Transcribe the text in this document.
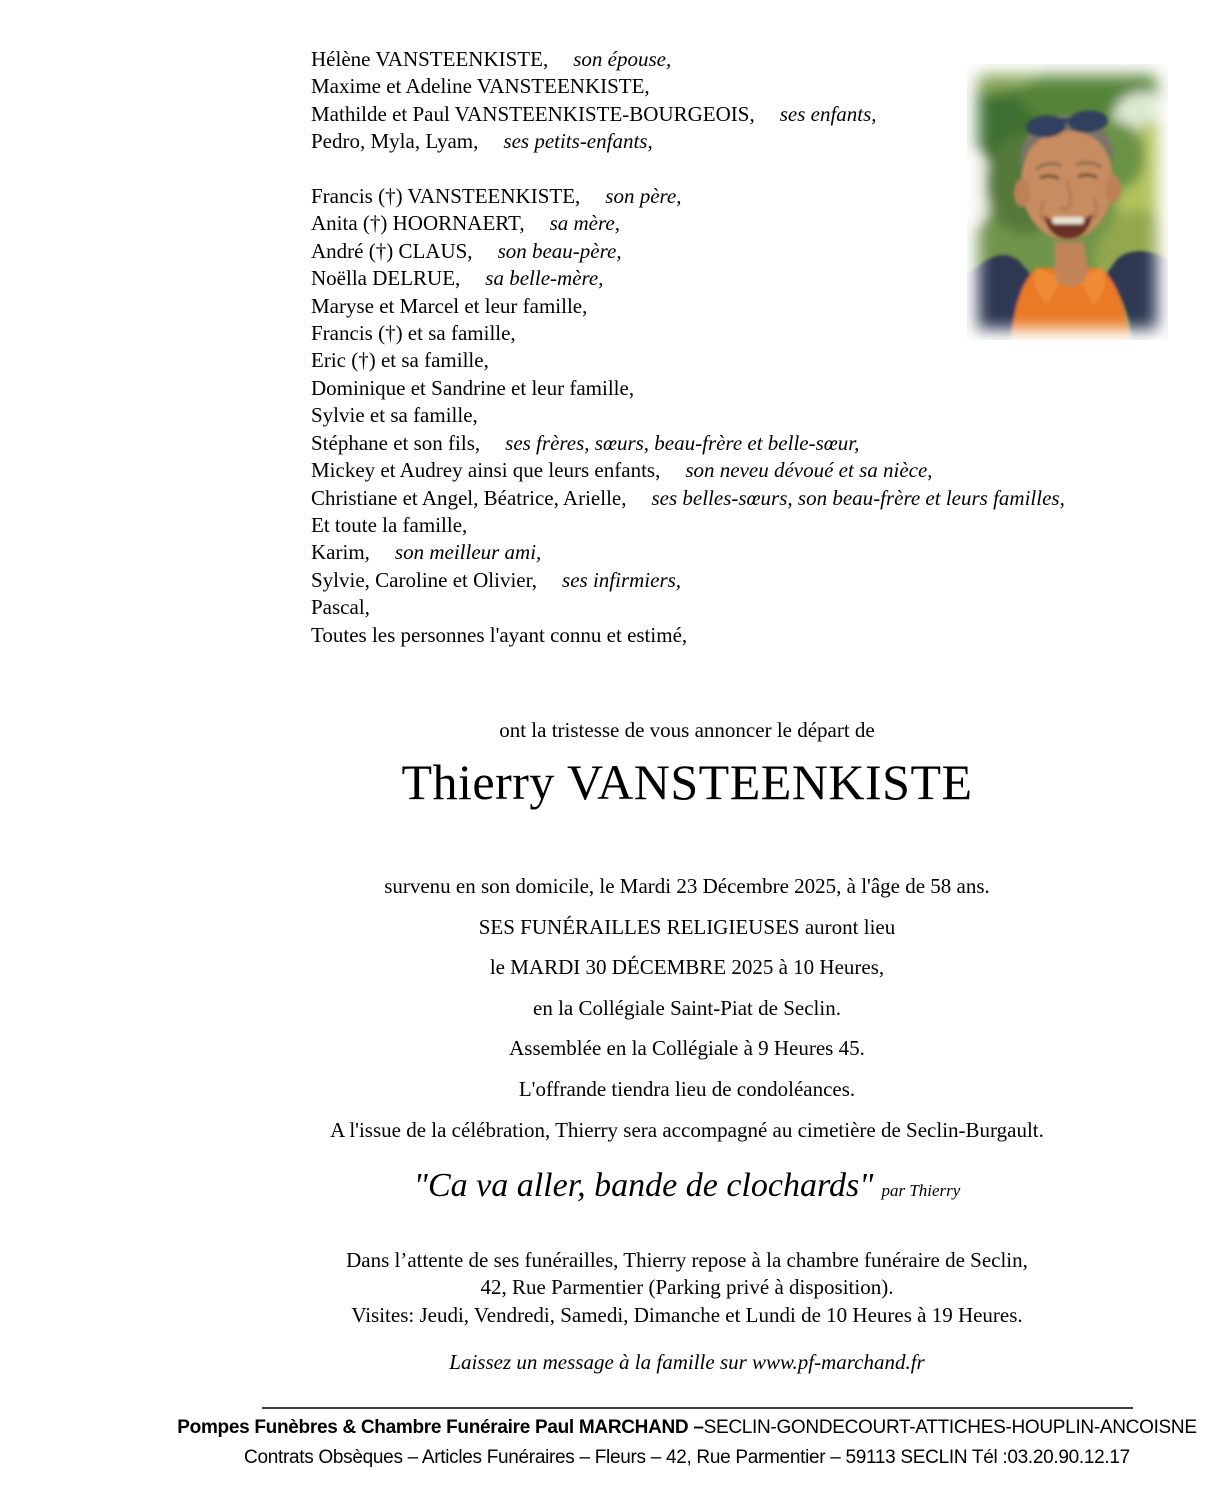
Hélène VANSTEENKISTE, son épouse,
Maxime et Adeline VANSTEENKISTE,
Mathilde et Paul VANSTEENKISTE-BOURGEOIS, ses enfants,
Pedro, Myla, Lyam, ses petits-enfants,
Francis (†) VANSTEENKISTE, son père,
Anita (†) HOORNAERT, sa mère,
André (†) CLAUS, son beau-père,
Noëlla DELRUE, sa belle-mère,
Maryse et Marcel et leur famille,
Francis (†) et sa famille,
Eric (†) et sa famille,
Dominique et Sandrine et leur famille,
Sylvie et sa famille,
Stéphane et son fils, ses frères, sœurs, beau-frère et belle-sœur,
Mickey et Audrey ainsi que leurs enfants, son neveu dévoué et sa nièce,
Christiane et Angel, Béatrice, Arielle, ses belles-sœurs, son beau-frère et leurs familles,
Et toute la famille,
Karim, son meilleur ami,
Sylvie, Caroline et Olivier, ses infirmiers,
Pascal,
Toutes les personnes l'ayant connu et estimé,
ont la tristesse de vous annoncer le départ de
Thierry VANSTEENKISTE
survenu en son domicile, le Mardi 23 Décembre 2025, à l'âge de 58 ans.
SES FUNÉRAILLES RELIGIEUSES auront lieu
le MARDI 30 DÉCEMBRE 2025 à 10 Heures,
en la Collégiale Saint-Piat de Seclin.
Assemblée en la Collégiale à 9 Heures 45.
L'offrande tiendra lieu de condoléances.
A l'issue de la célébration, Thierry sera accompagné au cimetière de Seclin-Burgault.
"Ca va aller, bande de clochards" par Thierry
Dans l’attente de ses funérailles, Thierry repose à la chambre funéraire de Seclin,
42, Rue Parmentier (Parking privé à disposition).
Visites: Jeudi, Vendredi, Samedi, Dimanche et Lundi de 10 Heures à 19 Heures.
Laissez un message à la famille sur www.pf-marchand.fr
Pompes Funèbres & Chambre Funéraire Paul MARCHAND –SECLIN-GONDECOURT-ATTICHES-HOUPLIN-ANCOISNE
Contrats Obsèques – Articles Funéraires – Fleurs – 42, Rue Parmentier – 59113 SECLIN Tél :03.20.90.12.17
